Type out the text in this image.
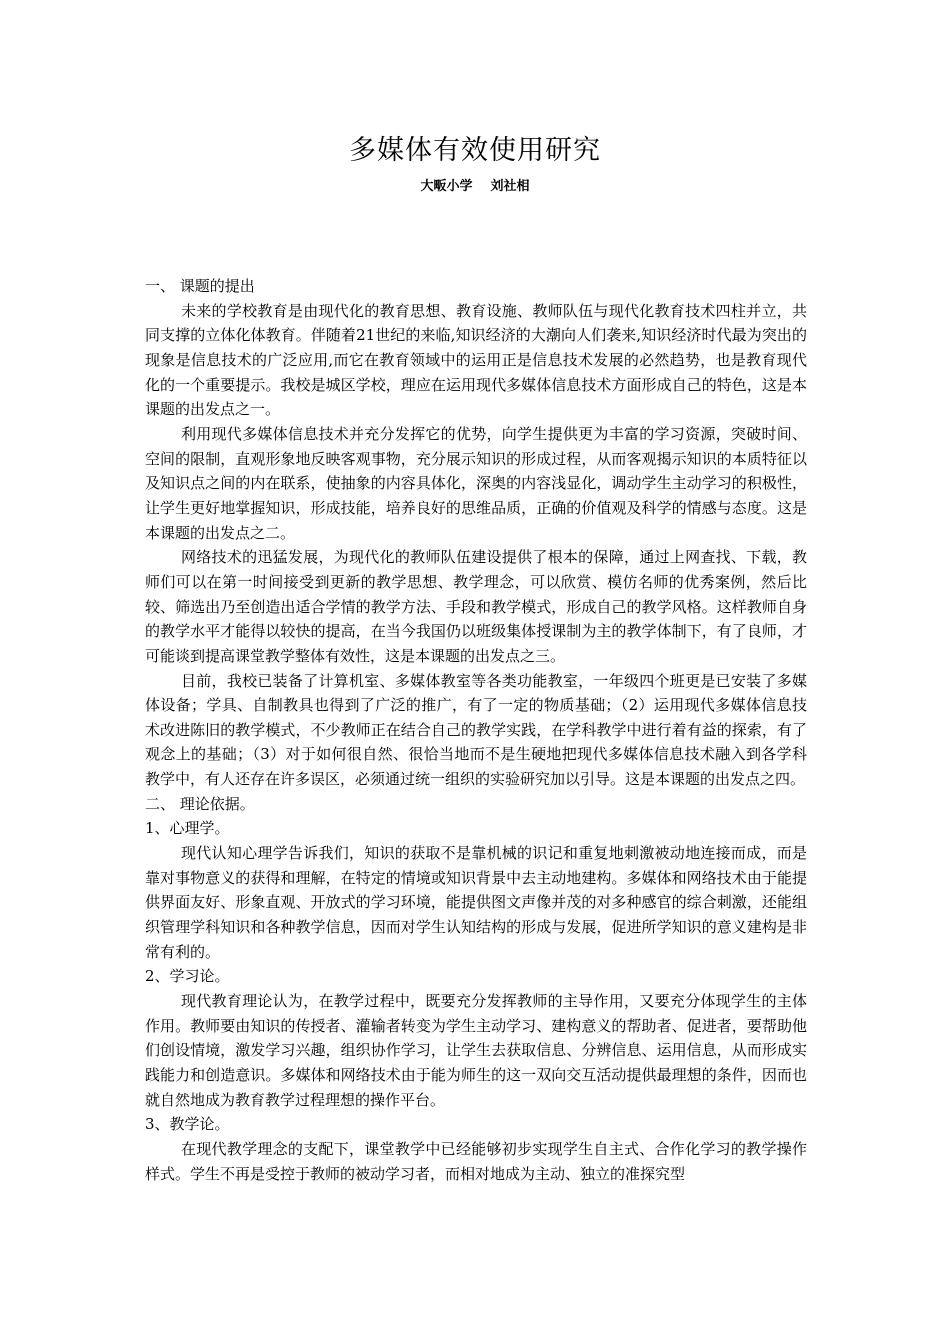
多媒体有效使用研究
大畈小学    刘社相

一、 课题的提出

未来的学校教育是由现代化的教育思想、教育设施、教师队伍与现代化教育技术四柱并立，共同支撑的立体化体教育。伴随着21世纪的来临,知识经济的大潮向人们袭来,知识经济时代最为突出的现象是信息技术的广泛应用,而它在教育领域中的运用正是信息技术发展的必然趋势，也是教育现代化的一个重要提示。我校是城区学校，理应在运用现代多媒体信息技术方面形成自己的特色，这是本课题的出发点之一。

利用现代多媒体信息技术并充分发挥它的优势，向学生提供更为丰富的学习资源，突破时间、空间的限制，直观形象地反映客观事物，充分展示知识的形成过程，从而客观揭示知识的本质特征以及知识点之间的内在联系，使抽象的内容具体化，深奥的内容浅显化，调动学生主动学习的积极性，让学生更好地掌握知识，形成技能，培养良好的思维品质，正确的价值观及科学的情感与态度。这是本课题的出发点之二。

网络技术的迅猛发展，为现代化的教师队伍建设提供了根本的保障，通过上网查找、下载，教师们可以在第一时间接受到更新的教学思想、教学理念，可以欣赏、模仿名师的优秀案例，然后比较、筛选出乃至创造出适合学情的教学方法、手段和教学模式，形成自己的教学风格。这样教师自身的教学水平才能得以较快的提高，在当今我国仍以班级集体授课制为主的教学体制下，有了良师，才可能谈到提高课堂教学整体有效性，这是本课题的出发点之三。

目前，我校已装备了计算机室、多媒体教室等各类功能教室，一年级四个班更是已安装了多媒体设备；学具、自制教具也得到了广泛的推广，有了一定的物质基础；（2）运用现代多媒体信息技术改进陈旧的教学模式，不少教师正在结合自己的教学实践，在学科教学中进行着有益的探索，有了观念上的基础；（3）对于如何很自然、很恰当地而不是生硬地把现代多媒体信息技术融入到各学科教学中，有人还存在许多误区，必须通过统一组织的实验研究加以引导。这是本课题的出发点之四。

二、 理论依据。

1、心理学。

现代认知心理学告诉我们，知识的获取不是靠机械的识记和重复地刺激被动地连接而成，而是靠对事物意义的获得和理解，在特定的情境或知识背景中去主动地建构。多媒体和网络技术由于能提供界面友好、形象直观、开放式的学习环境，能提供图文声像并茂的对多种感官的综合刺激，还能组织管理学科知识和各种教学信息，因而对学生认知结构的形成与发展，促进所学知识的意义建构是非常有利的。

2、学习论。

现代教育理论认为，在教学过程中，既要充分发挥教师的主导作用，又要充分体现学生的主体作用。教师要由知识的传授者、灌输者转变为学生主动学习、建构意义的帮助者、促进者，要帮助他们创设情境，激发学习兴趣，组织协作学习，让学生去获取信息、分辨信息、运用信息，从而形成实践能力和创造意识。多媒体和网络技术由于能为师生的这一双向交互活动提供最理想的条件，因而也就自然地成为教育教学过程理想的操作平台。

3、教学论。

在现代教学理念的支配下，课堂教学中已经能够初步实现学生自主式、合作化学习的教学操作样式。学生不再是受控于教师的被动学习者，而相对地成为主动、独立的准探究型
